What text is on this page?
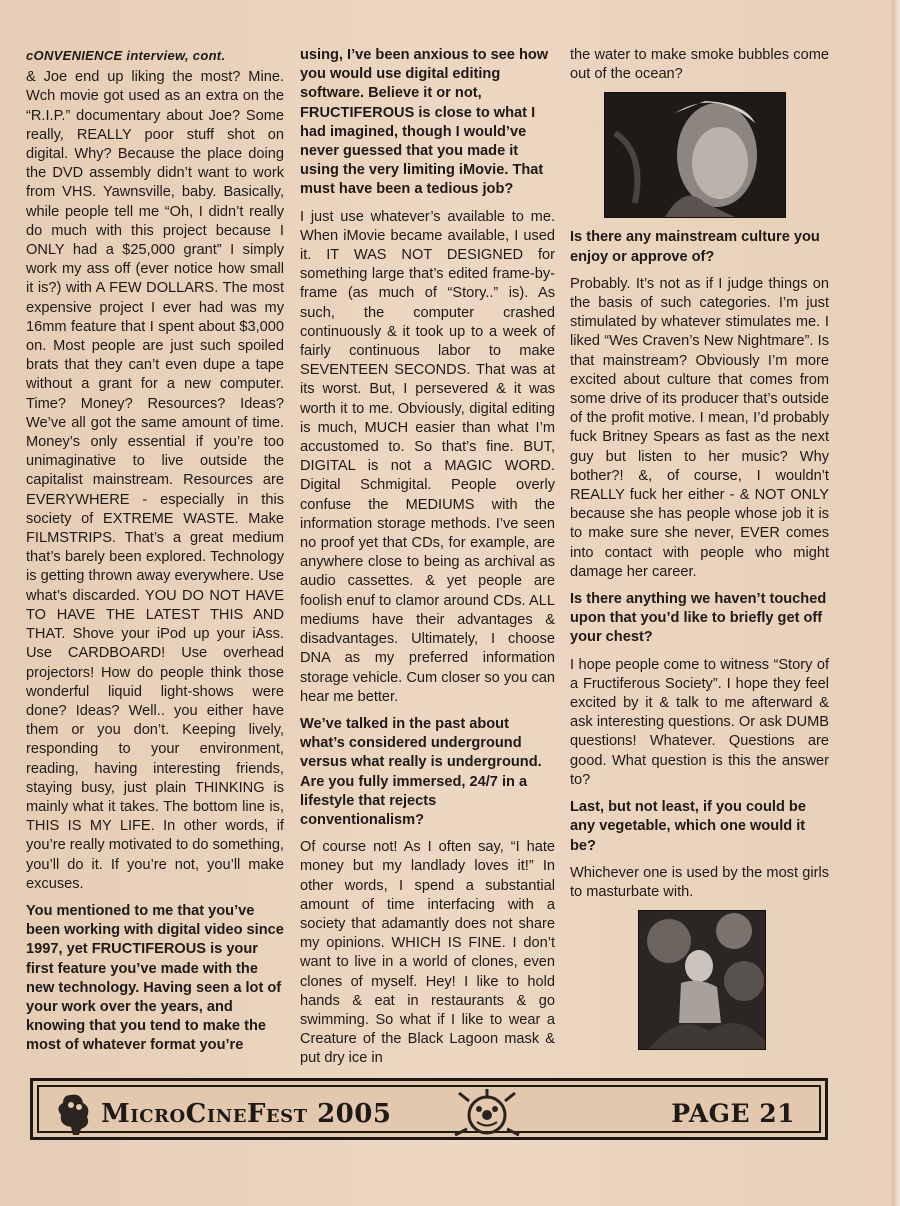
cONVENIENCE interview, cont.

& Joe end up liking the most? Mine. Wch movie got used as an extra on the “R.I.P.” documentary about Joe? Some really, REALLY poor stuff shot on digital. Why? Because the place doing the DVD assembly didn’t want to work from VHS. Yawnsville, baby. Basically, while people tell me “Oh, I didn’t really do much with this project because I ONLY had a $25,000 grant” I simply work my ass off (ever notice how small it is?) with A FEW DOLLARS. The most expensive project I ever had was my 16mm feature that I spent about $3,000 on. Most people are just such spoiled brats that they can’t even dupe a tape without a grant for a new computer. Time? Money? Resources? Ideas? We’ve all got the same amount of time. Money’s only essential if you’re too unimaginative to live outside the capitalist mainstream. Resources are EVERYWHERE - especially in this society of EXTREME WASTE. Make FILMSTRIPS. That’s a great medium that’s barely been explored. Technology is getting thrown away everywhere. Use what’s discarded. YOU DO NOT HAVE TO HAVE THE LATEST THIS AND THAT. Shove your iPod up your iAss. Use CARDBOARD! Use overhead projectors! How do people think those wonderful liquid light-shows were done? Ideas? Well.. you either have them or you don’t. Keeping lively, responding to your environment, reading, having interesting friends, staying busy, just plain THINKING is mainly what it takes. The bottom line is, THIS IS MY LIFE. In other words, if you’re really motivated to do something, you’ll do it. If you’re not, you’ll make excuses.

You mentioned to me that you’ve been working with digital video since 1997, yet FRUCTIFEROUS is your first feature you’ve made with the new technology. Having seen a lot of your work over the years, and knowing that you tend to make the most of whatever format you’re

using, I’ve been anxious to see how you would use digital editing software. Believe it or not, FRUCTIFEROUS is close to what I had imagined, though I would’ve never guessed that you made it using the very limiting iMovie. That must have been a tedious job?

I just use whatever’s available to me. When iMovie became available, I used it. IT WAS NOT DESIGNED for something large that’s edited frame-by-frame (as much of “Story..” is). As such, the computer crashed continuously & it took up to a week of fairly continuous labor to make SEVENTEEN SECONDS. That was at its worst. But, I persevered & it was worth it to me. Obviously, digital editing is much, MUCH easier than what I’m accustomed to. So that’s fine. BUT, DIGITAL is not a MAGIC WORD. Digital Schmigital. People overly confuse the MEDIUMS with the information storage methods. I’ve seen no proof yet that CDs, for example, are anywhere close to being as archival as audio cassettes. & yet people are foolish enuf to clamor around CDs. ALL mediums have their advantages & disadvantages. Ultimately, I choose DNA as my preferred information storage vehicle. Cum closer so you can hear me better.

We’ve talked in the past about what’s considered underground versus what really is underground. Are you fully immersed, 24/7 in a lifestyle that rejects conventionalism?

Of course not! As I often say, “I hate money but my landlady loves it!” In other words, I spend a substantial amount of time interfacing with a society that adamantly does not share my opinions. WHICH IS FINE. I don’t want to live in a world of clones, even clones of myself. Hey! I like to hold hands & eat in restaurants & go swimming. So what if I like to wear a Creature of the Black Lagoon mask & put dry ice in

the water to make smoke bubbles come out of the ocean?

Is there any mainstream culture you enjoy or approve of?

Probably. It’s not as if I judge things on the basis of such categories. I’m just stimulated by whatever stimulates me. I liked “Wes Craven’s New Nightmare”. Is that mainstream? Obviously I’m more excited about culture that comes from some drive of its producer that’s outside of the profit motive. I mean, I’d probably fuck Britney Spears as fast as the next guy but listen to her music? Why bother?! &, of course, I wouldn’t REALLY fuck her either - & NOT ONLY because she has people whose job it is to make sure she never, EVER comes into contact with people who might damage her career.

Is there anything we haven’t touched upon that you’d like to briefly get off your chest?

I hope people come to witness “Story of a Fructiferous Society”. I hope they feel excited by it & talk to me afterward & ask interesting questions. Or ask DUMB questions! Whatever. Questions are good. What question is this the answer to?

Last, but not least, if you could be any vegetable, which one would it be?

Whichever one is used by the most girls to masturbate with.

MicroCineFest 2005	PAGE 21
